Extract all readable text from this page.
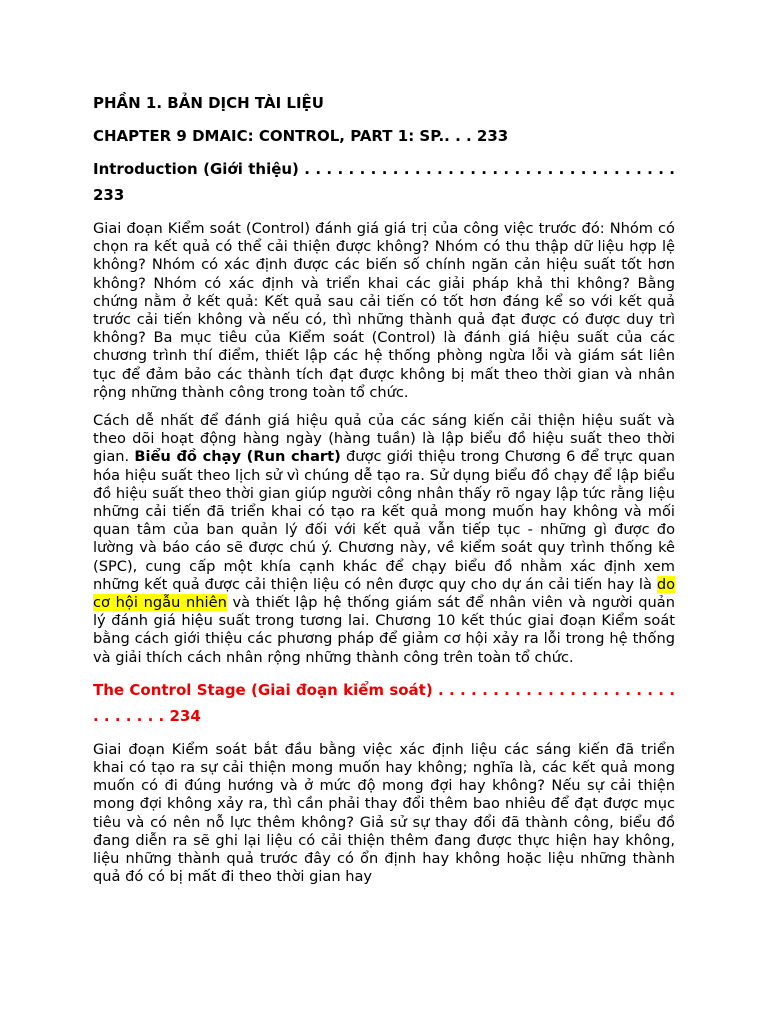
PHẦN 1. BẢN DỊCH TÀI LIỆU

CHAPTER 9 DMAIC: CONTROL, PART 1: SP.. . . 233

Introduction (Giới thiệu) . . . . . . . . . . . . . . . . . . . . . . . . . . . . . . . . . . 233

Giai đoạn Kiểm soát (Control) đánh giá giá trị của công việc trước đó: Nhóm có chọn ra kết quả có thể cải thiện được không? Nhóm có thu thập dữ liệu hợp lệ không? Nhóm có xác định được các biến số chính ngăn cản hiệu suất tốt hơn không? Nhóm có xác định và triển khai các giải pháp khả thi không? Bằng chứng nằm ở kết quả: Kết quả sau cải tiến có tốt hơn đáng kể so với kết quả trước cải tiến không và nếu có, thì những thành quả đạt được có được duy trì không? Ba mục tiêu của Kiểm soát (Control) là đánh giá hiệu suất của các chương trình thí điểm, thiết lập các hệ thống phòng ngừa lỗi và giám sát liên tục để đảm bảo các thành tích đạt được không bị mất theo thời gian và nhân rộng những thành công trong toàn tổ chức.

Cách dễ nhất để đánh giá hiệu quả của các sáng kiến cải thiện hiệu suất và theo dõi hoạt động hàng ngày (hàng tuần) là lập biểu đồ hiệu suất theo thời gian. Biểu đồ chạy (Run chart) được giới thiệu trong Chương 6 để trực quan hóa hiệu suất theo lịch sử vì chúng dễ tạo ra. Sử dụng biểu đồ chạy để lập biểu đồ hiệu suất theo thời gian giúp người công nhân thấy rõ ngay lập tức rằng liệu những cải tiến đã triển khai có tạo ra kết quả mong muốn hay không và mối quan tâm của ban quản lý đối với kết quả vẫn tiếp tục - những gì được đo lường và báo cáo sẽ được chú ý. Chương này, về kiểm soát quy trình thống kê (SPC), cung cấp một khía cạnh khác để chạy biểu đồ nhằm xác định xem những kết quả được cải thiện liệu có nên được quy cho dự án cải tiến hay là do cơ hội ngẫu nhiên và thiết lập hệ thống giám sát để nhân viên và người quản lý đánh giá hiệu suất trong tương lai. Chương 10 kết thúc giai đoạn Kiểm soát bằng cách giới thiệu các phương pháp để giảm cơ hội xảy ra lỗi trong hệ thống và giải thích cách nhân rộng những thành công trên toàn tổ chức.

The Control Stage (Giai đoạn kiểm soát) . . . . . . . . . . . . . . . . . . . . . . . . . . . . . 234

Giai đoạn Kiểm soát bắt đầu bằng việc xác định liệu các sáng kiến đã triển khai có tạo ra sự cải thiện mong muốn hay không; nghĩa là, các kết quả mong muốn có đi đúng hướng và ở mức độ mong đợi hay không? Nếu sự cải thiện mong đợi không xảy ra, thì cần phải thay đổi thêm bao nhiêu để đạt được mục tiêu và có nên nỗ lực thêm không? Giả sử sự thay đổi đã thành công, biểu đồ đang diễn ra sẽ ghi lại liệu có cải thiện thêm đang được thực hiện hay không, liệu những thành quả trước đây có ổn định hay không hoặc liệu những thành quả đó có bị mất đi theo thời gian hay
